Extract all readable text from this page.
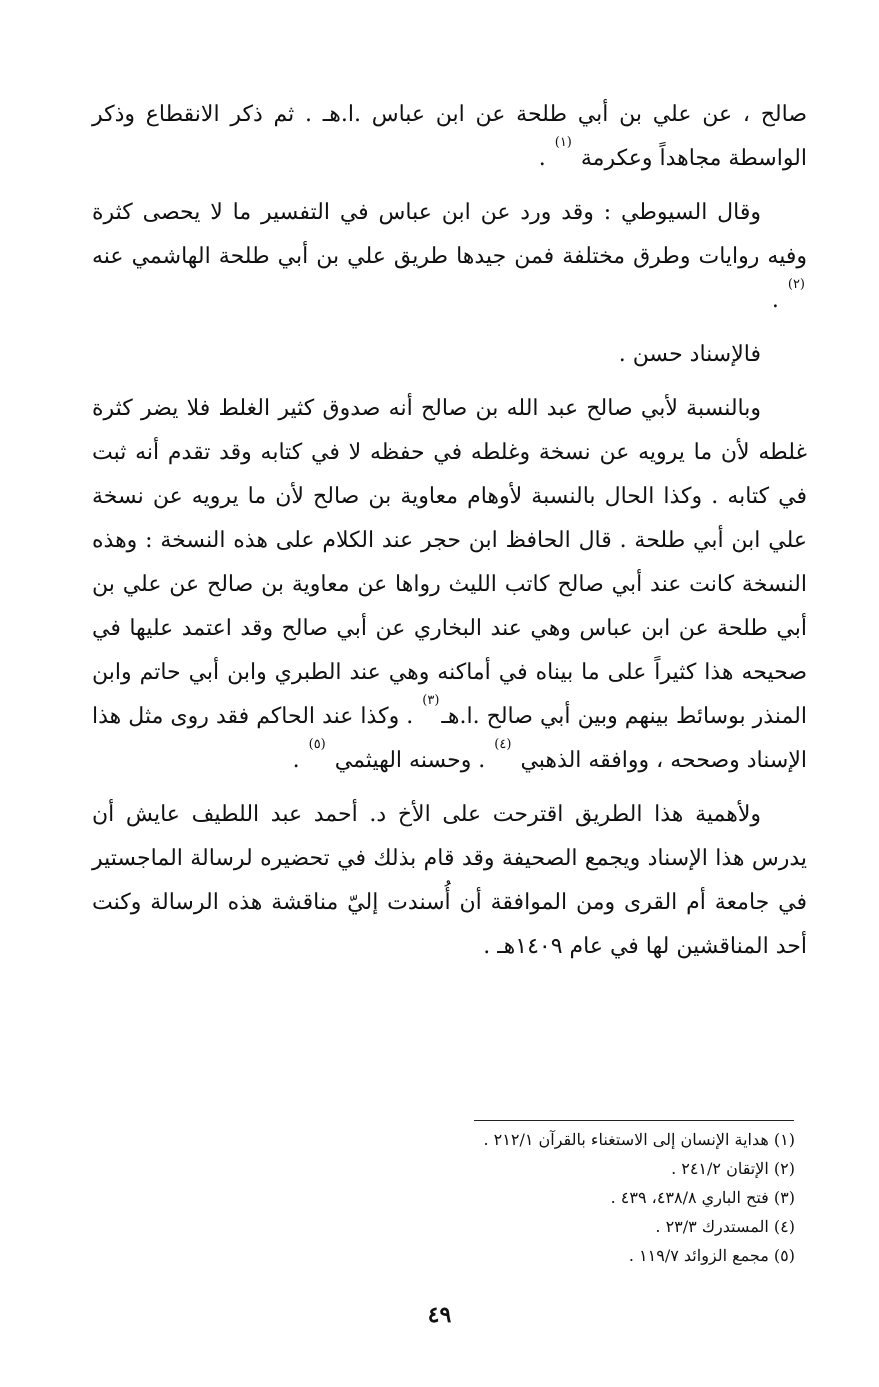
صالح ، عن علي بن أبي طلحة عن ابن عباس .ا.هـ . ثم ذكر الانقطاع وذكر الواسطة مجاهداً وعكرمة $^{(١)}$ .

وقال السيوطي : وقد ورد عن ابن عباس في التفسير ما لا يحصى كثرة وفيه روايات وطرق مختلفة فمن جيدها طريق علي بن أبي طلحة الهاشمي عنه $^{(٢)}$ .

فالإسناد حسن .

وبالنسبة لأبي صالح عبد الله بن صالح أنه صدوق كثير الغلط فلا يضر كثرة غلطه لأن ما يرويه عن نسخة وغلطه في حفظه لا في كتابه وقد تقدم أنه ثبت في كتابه . وكذا الحال بالنسبة لأوهام معاوية بن صالح لأن ما يرويه عن نسخة علي ابن أبي طلحة . قال الحافظ ابن حجر عند الكلام على هذه النسخة : وهذه النسخة كانت عند أبي صالح كاتب الليث رواها عن معاوية بن صالح عن علي بن أبي طلحة عن ابن عباس وهي عند البخاري عن أبي صالح وقد اعتمد عليها في صحيحه هذا كثيراً على ما بيناه في أماكنه وهي عند الطبري وابن أبي حاتم وابن المنذر بوسائط بينهم وبين أبي صالح .ا.هـ$^{(٣)}$ . وكذا عند الحاكم فقد روى مثل هذا الإسناد وصححه ، ووافقه الذهبي $^{(٤)}$ . وحسنه الهيثمي $^{(٥)}$ .

ولأهمية هذا الطريق اقترحت على الأخ د. أحمد عبد اللطيف عايش أن يدرس هذا الإسناد ويجمع الصحيفة وقد قام بذلك في تحضيره لرسالة الماجستير في جامعة أم القرى ومن الموافقة أن أُسندت إليّ مناقشة هذه الرسالة وكنت أحد المناقشين لها في عام ١٤٠٩هـ .

(١) هداية الإنسان إلى الاستغناء بالقرآن ٢١٢/١ .
(٢) الإتقان ٢٤١/٢ .
(٣) فتح الباري ٤٣٨/٨، ٤٣٩ .
(٤) المستدرك ٢٣/٣ .
(٥) مجمع الزوائد ١١٩/٧ .
٤٩
